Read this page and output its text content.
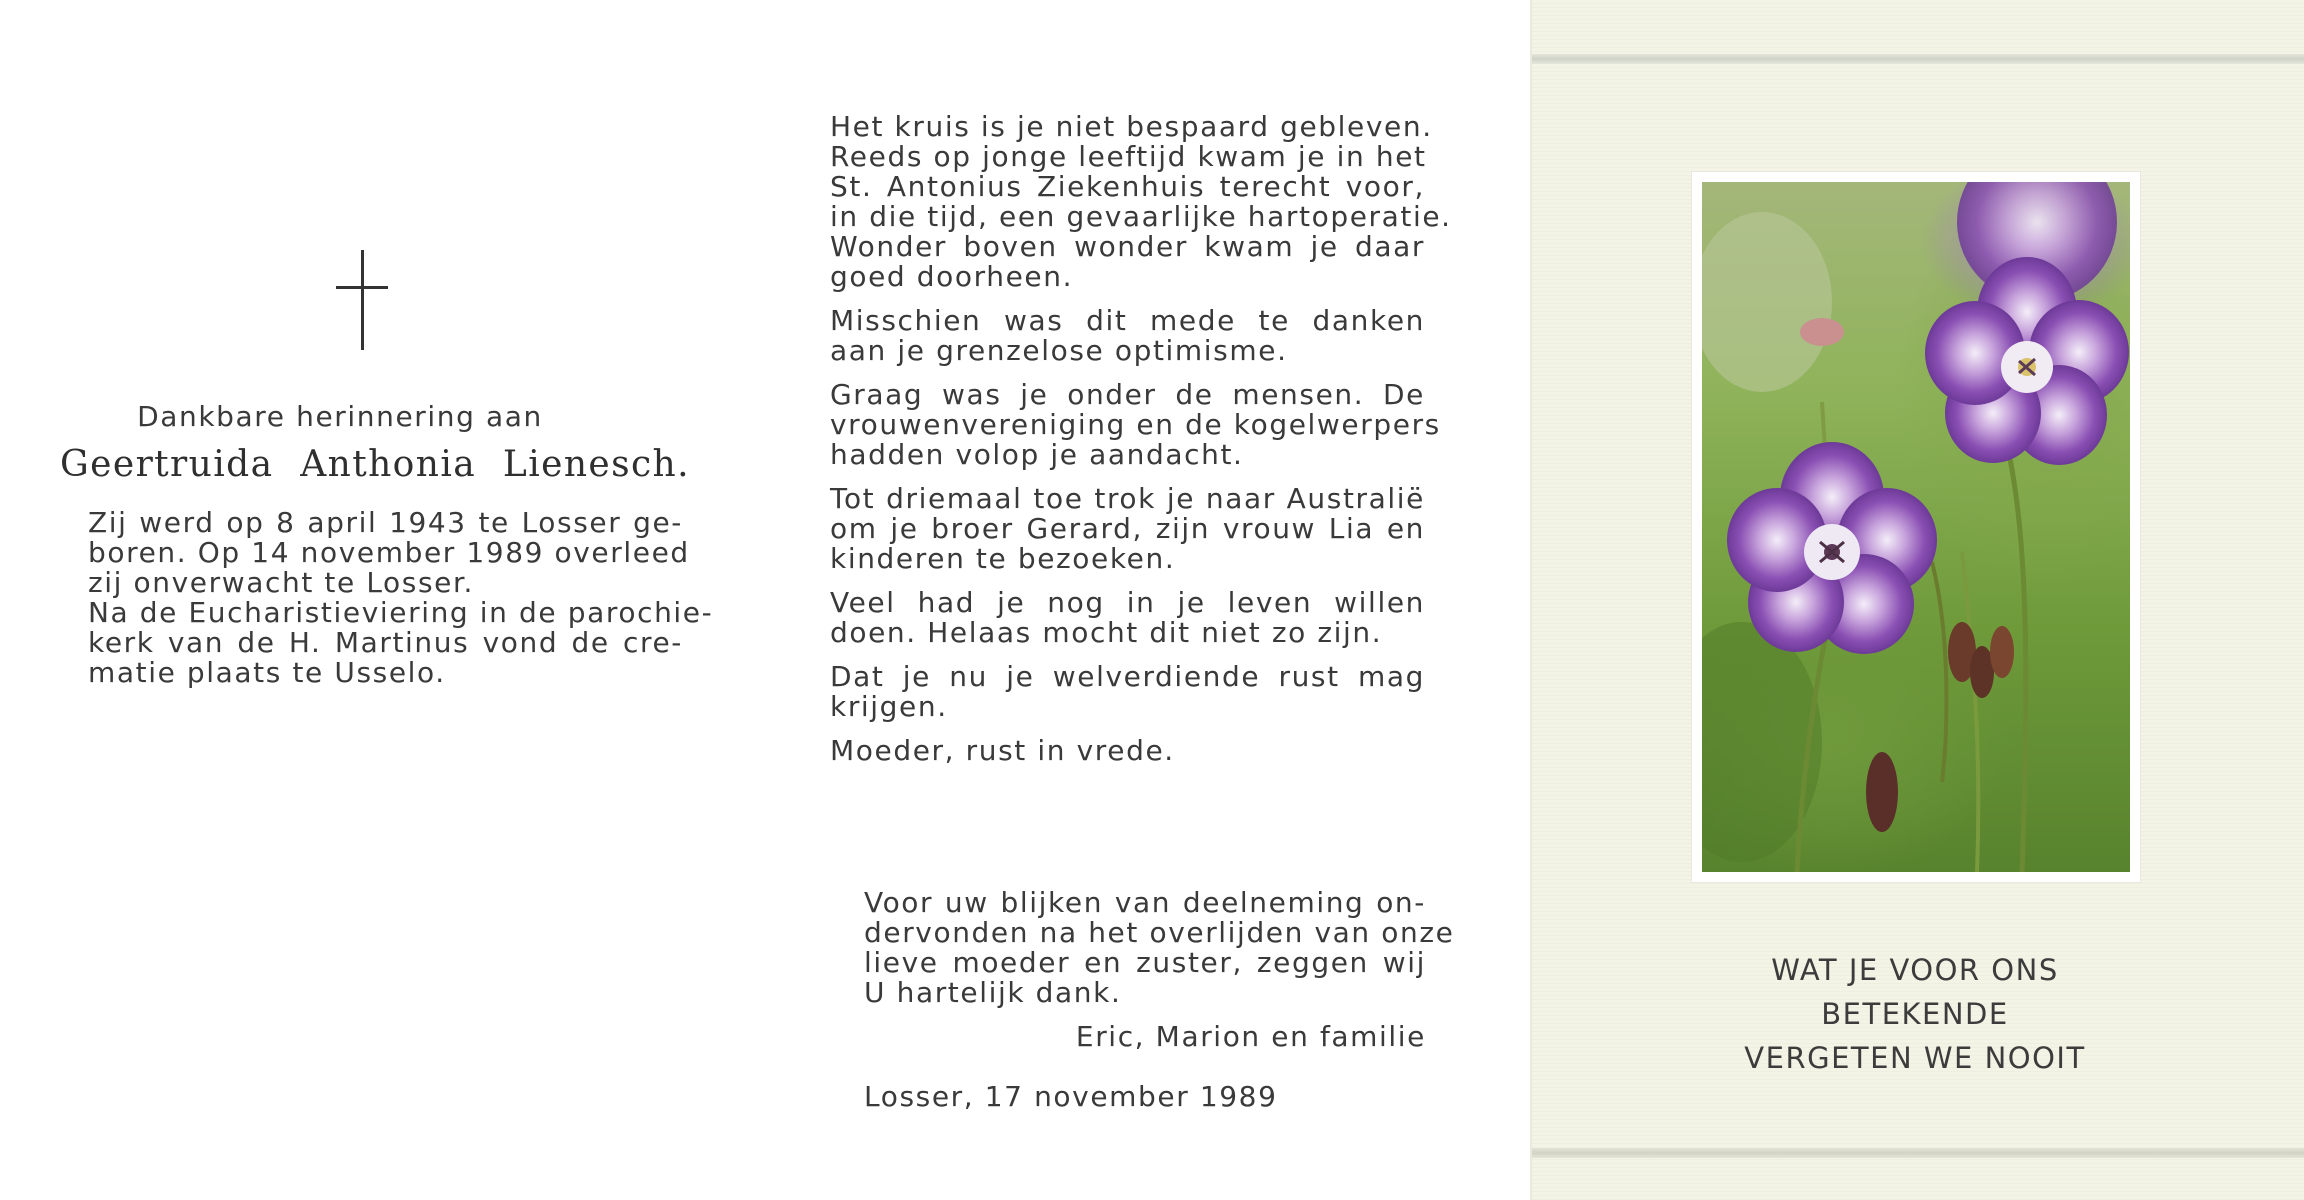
Dankbare herinnering aan
Geertruida Anthonia Lienesch.
Zij werd op 8 april 1943 te Losser ge-
boren. Op 14 november 1989 overleed
zij onverwacht te Losser.
Na de Eucharistieviering in de parochie-
kerk van de H. Martinus vond de cre-
matie plaats te Usselo.
Het kruis is je niet bespaard gebleven.
Reeds op jonge leeftijd kwam je in het
St. Antonius Ziekenhuis terecht voor,
in die tijd, een gevaarlijke hartoperatie.
Wonder boven wonder kwam je daar
goed doorheen.
Misschien was dit mede te danken
aan je grenzelose optimisme.
Graag was je onder de mensen. De
vrouwenvereniging en de kogelwerpers
hadden volop je aandacht.
Tot driemaal toe trok je naar Australië
om je broer Gerard, zijn vrouw Lia en
kinderen te bezoeken.
Veel had je nog in je leven willen
doen. Helaas mocht dit niet zo zijn.
Dat je nu je welverdiende rust mag
krijgen.
Moeder, rust in vrede.
Voor uw blijken van deelneming on-
dervonden na het overlijden van onze
lieve moeder en zuster, zeggen wij
U hartelijk dank.
Eric, Marion en familie
Losser, 17 november 1989
WAT JE VOOR ONS
BETEKENDE
VERGETEN WE NOOIT
